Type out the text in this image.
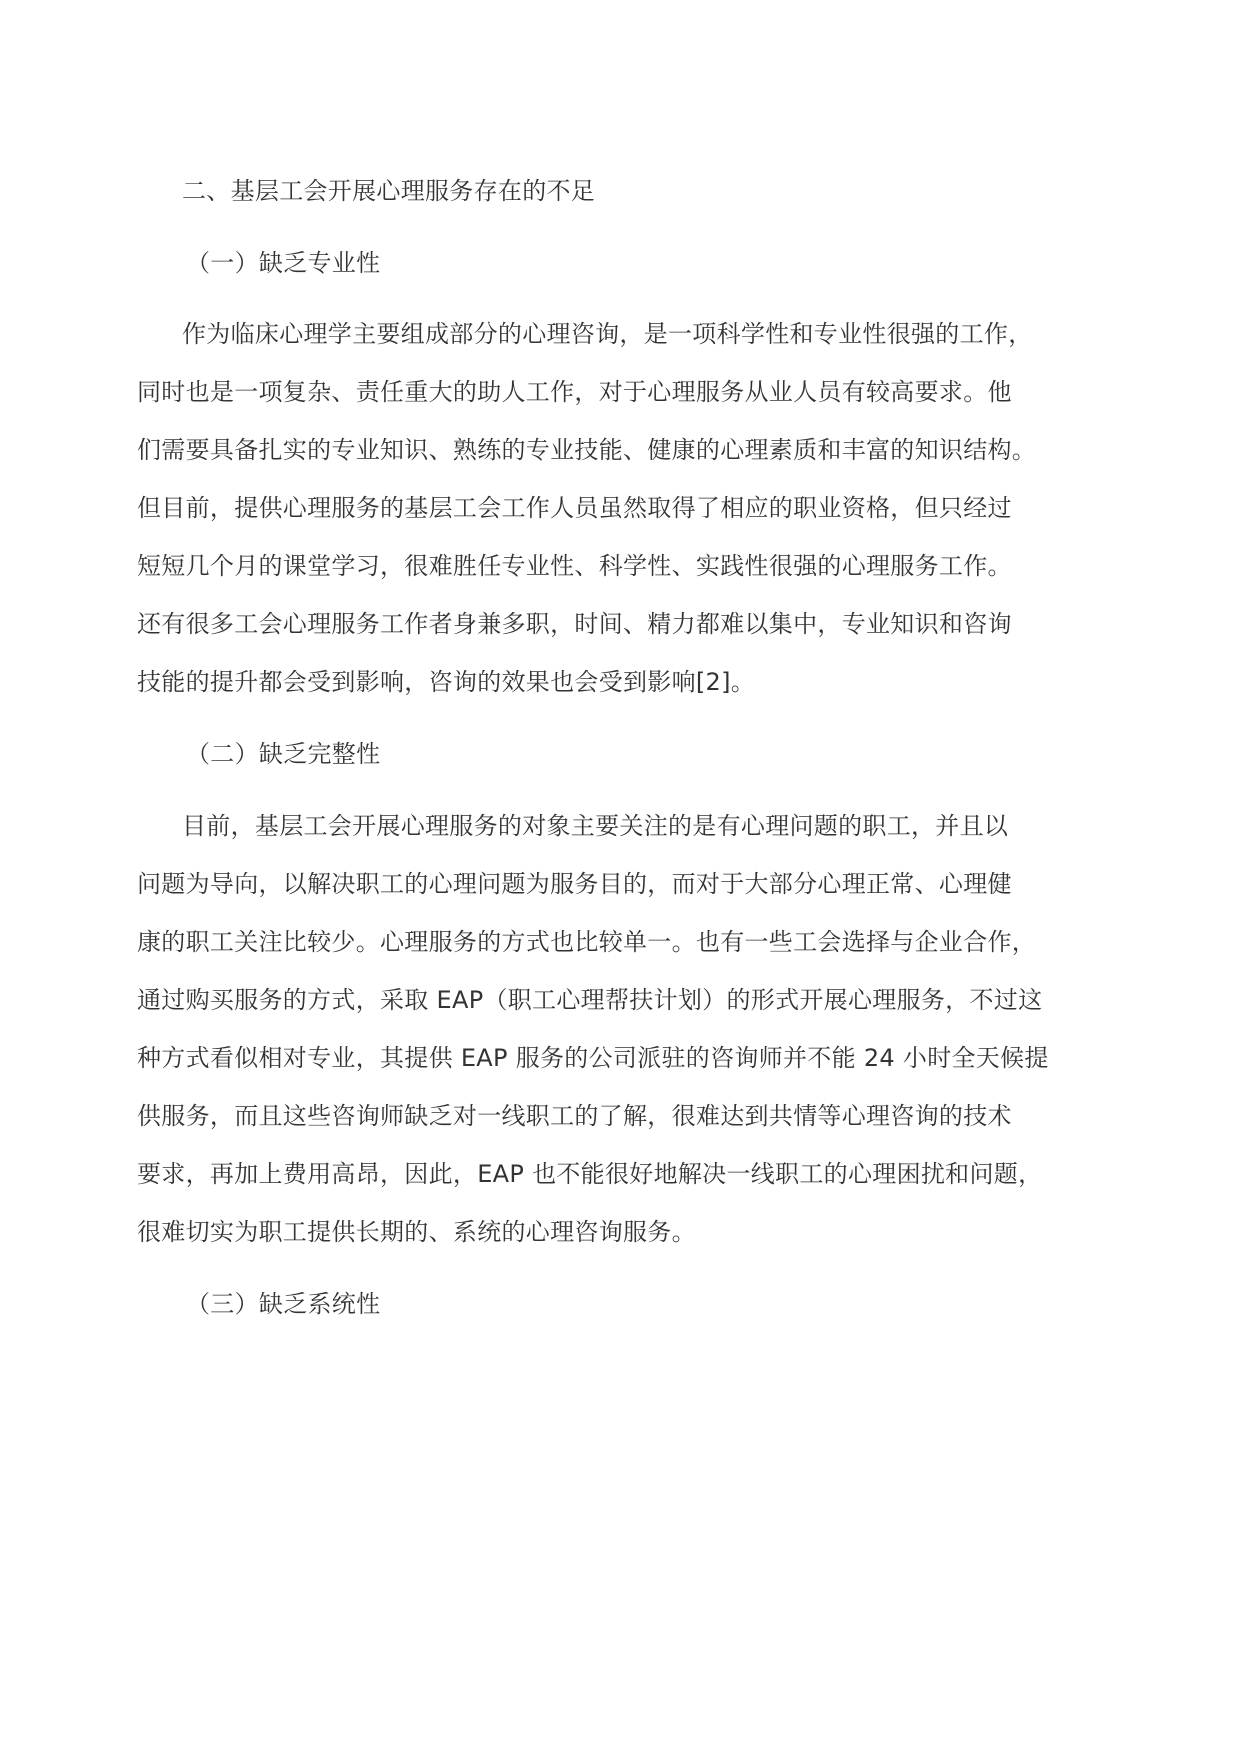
二、基层工会开展心理服务存在的不足
（一）缺乏专业性

作为临床心理学主要组成部分的心理咨询，是一项科学性和专业性很强的工作，

同时也是一项复杂、责任重大的助人工作，对于心理服务从业人员有较高要求。他

们需要具备扎实的专业知识、熟练的专业技能、健康的心理素质和丰富的知识结构。

但目前，提供心理服务的基层工会工作人员虽然取得了相应的职业资格，但只经过

短短几个月的课堂学习，很难胜任专业性、科学性、实践性很强的心理服务工作。

还有很多工会心理服务工作者身兼多职，时间、精力都难以集中，专业知识和咨询

技能的提升都会受到影响，咨询的效果也会受到影响[2]。

（二）缺乏完整性

目前，基层工会开展心理服务的对象主要关注的是有心理问题的职工，并且以

问题为导向，以解决职工的心理问题为服务目的，而对于大部分心理正常、心理健

康的职工关注比较少。心理服务的方式也比较单一。也有一些工会选择与企业合作，

通过购买服务的方式，采取 EAP（职工心理帮扶计划）的形式开展心理服务，不过这

种方式看似相对专业，其提供 EAP 服务的公司派驻的咨询师并不能 24 小时全天候提

供服务，而且这些咨询师缺乏对一线职工的了解，很难达到共情等心理咨询的技术

要求，再加上费用高昂，因此，EAP 也不能很好地解决一线职工的心理困扰和问题，

很难切实为职工提供长期的、系统的心理咨询服务。

（三）缺乏系统性
